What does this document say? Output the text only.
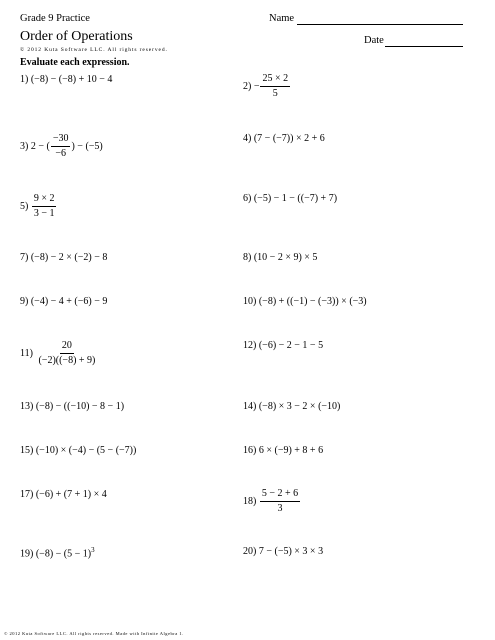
Grade 9 Practice	Name
Order of Operations	Date
© 2012 Kuta Software LLC. All rights reserved.
Evaluate each expression.
1) (−8) − (−8) + 10 − 4
3) 2 − ( $\frac{-30}{-6}$ ) − (−5)
$5) \frac{9 \times 2}{3 - 1}$
7) (−8) − 2 × (−2) − 8
9) (−4) − 4 + (−6) − 9
$11) \frac{20}{(-2)((-8) + 9)}$
13) (−8) − ((−10) − 8 − 1)
15) (−10) × (−4) − (5 − (−7))
17) (−6) + (7 + 1) × 4
19) $(-8) - (5 - 1)^3$
$2) - \frac{25 \times 2}{5}$
4) (7 − (−7)) × 2 + 6
6) (−5) − 1 − ((−7) + 7)
8) (10 − 2 × 9) × 5
10) (−8) + ((−1) − (−3)) × (−3)
12) (−6) − 2 − 1 − 5
14) (−8) × 3 − 2 × (−10)
16) 6 × (−9) + 8 + 6
$18) \frac{5 - 2 + 6}{3}$
20) 7 − (−5) × 3 × 3
© 2012 Kuta Software LLC. All rights reserved. Made with Infinite Algebra 1.
